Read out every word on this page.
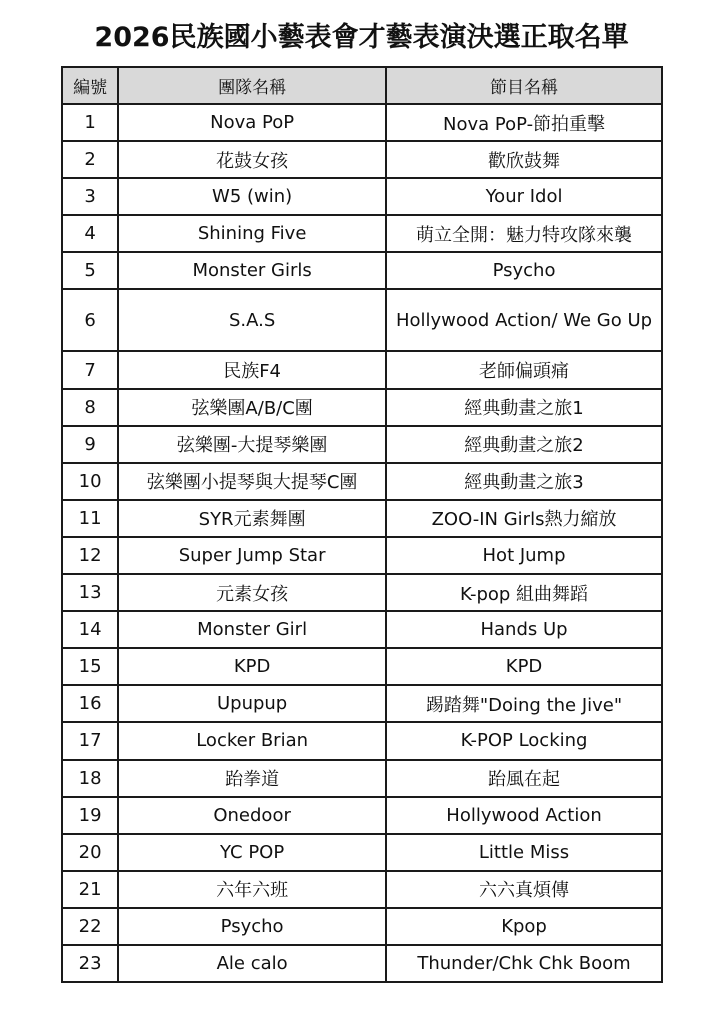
2026民族國小藝表會才藝表演決選正取名單
編號	團隊名稱	節目名稱
1	Nova PoP	Nova PoP-節拍重擊
2	花鼓女孩	歡欣鼓舞
3	W5 (win)	Your Idol
4	Shining Five	萌立全開：魅力特攻隊來襲
5	Monster Girls	Psycho
6	S.A.S	Hollywood Action/ We Go Up
7	民族F4	老師偏頭痛
8	弦樂團A/B/C團	經典動畫之旅1
9	弦樂團-大提琴樂團	經典動畫之旅2
10	弦樂團小提琴與大提琴C團	經典動畫之旅3
11	SYR元素舞團	ZOO-IN Girls熱力縮放
12	Super Jump Star	Hot Jump
13	元素女孩	K-pop 組曲舞蹈
14	Monster Girl	Hands Up
15	KPD	KPD
16	Upupup	踢踏舞"Doing the Jive"
17	Locker Brian	K-POP Locking
18	跆拳道	跆風在起
19	Onedoor	Hollywood Action
20	YC POP	Little Miss
21	六年六班	六六真煩傳
22	Psycho	Kpop
23	Ale calo	Thunder/Chk Chk Boom
